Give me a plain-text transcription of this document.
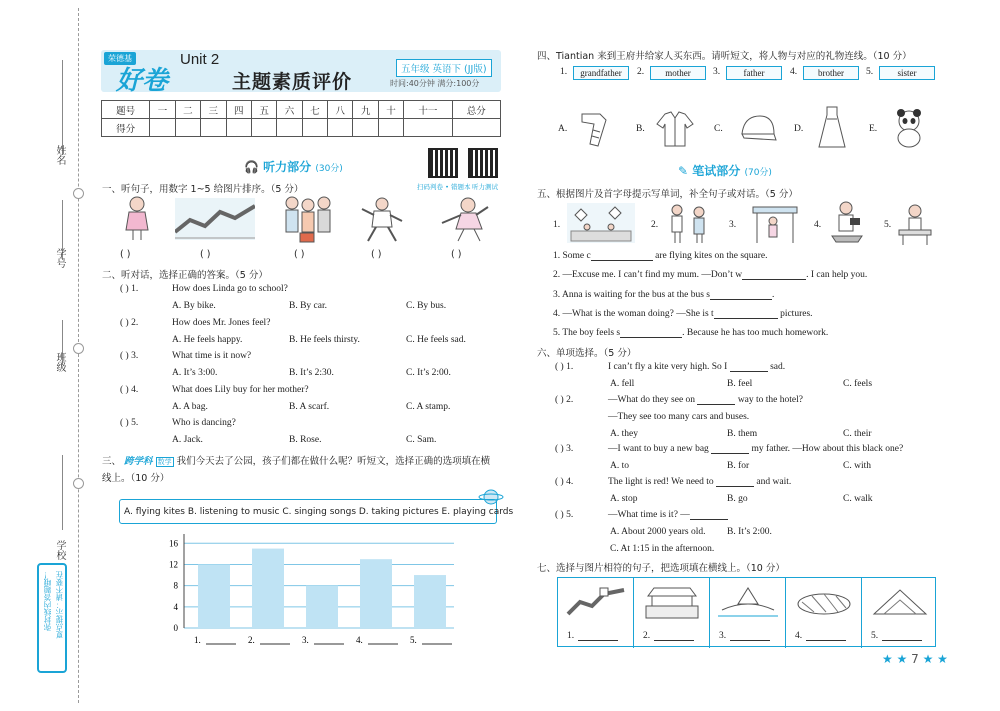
姓名
学号
班级
学校
夏点提示：请不要在
弥封线内答题哦！
荣德基
好卷
Unit 2
主题素质评价
五年级 英语下 (JJ版)
时间:40分钟 满分:100分
题号	一	二	三	四	五	六	七	八	九	十	十一	总分
得分												
🎧 听力部分 (30分)
扫码判卷 • 错题本 听力测试
一、听句子，用数字 1~5 给图片排序。（5 分）
( )	( )	( )	( )	( )
二、听对话，选择正确的答案。（5 分）
( ) 1.	How does Linda go to school?
A. By bike.	B. By car.	C. By bus.
( ) 2.	How does Mr. Jones feel?
A. He feels happy.	B. He feels thirsty.	C. He feels sad.
( ) 3.	What time is it now?
A. It’s 3:00.	B. It’s 2:30.	C. It’s 2:00.
( ) 4.	What does Lily buy for her mother?
A. A bag.	B. A scarf.	C. A stamp.
( ) 5.	Who is dancing?
A. Jack.	B. Rose.	C. Sam.
三、 跨学科 数学 我们今天去了公园，孩子们都在做什么呢？听短文，选择正确的选项填在横
线上。（10 分）
A. flying kites B. listening to music C. singing songs D. taking pictures E. playing cards
0
4
8
12
16
1.	2.	3.	4.	5.
四、Tiantian 来到王府井给家人买东西。请听短文，将人物与对应的礼物连线。（10 分）
1.	grandfather	2.	mother	3.	father	4.	brother	5.	sister
A.	B.	C.	D.	E.
✎ 笔试部分 (70分)
五、根据图片及首字母提示写单词，补全句子或对话。（5 分）
1.	2.	3.	4.	5.
1. Some c	are flying kites on the square.
2. —Excuse me. I can’t find my mum. —Don’t w	. I can help you.
3. Anna is waiting for the bus at the bus s	.
4. —What is the woman doing? —She is t	pictures.
5. The boy feels s	. Because he has too much homework.
六、单项选择。（5 分）
( ) 1.	I can’t fly a kite very high. So I	sad.
A. fell	B. feel	C. feels
( ) 2.	—What do they see on	way to the hotel?
—They see too many cars and buses.
A. they	B. them	C. their
( ) 3.	—I want to buy a new bag	my father. —How about this black one?
A. to	B. for	C. with
( ) 4.	The light is red! We need to	and wait.
A. stop	B. go	C. walk
( ) 5.	—What time is it? —
A. About 2000 years old. B. It’s 2:00.
C. At 1:15 in the afternoon.
七、选择与图片相符的句子，把选项填在横线上。（10 分）
1.	2.	3.	4.	5.
★ ★ 7 ★ ★
